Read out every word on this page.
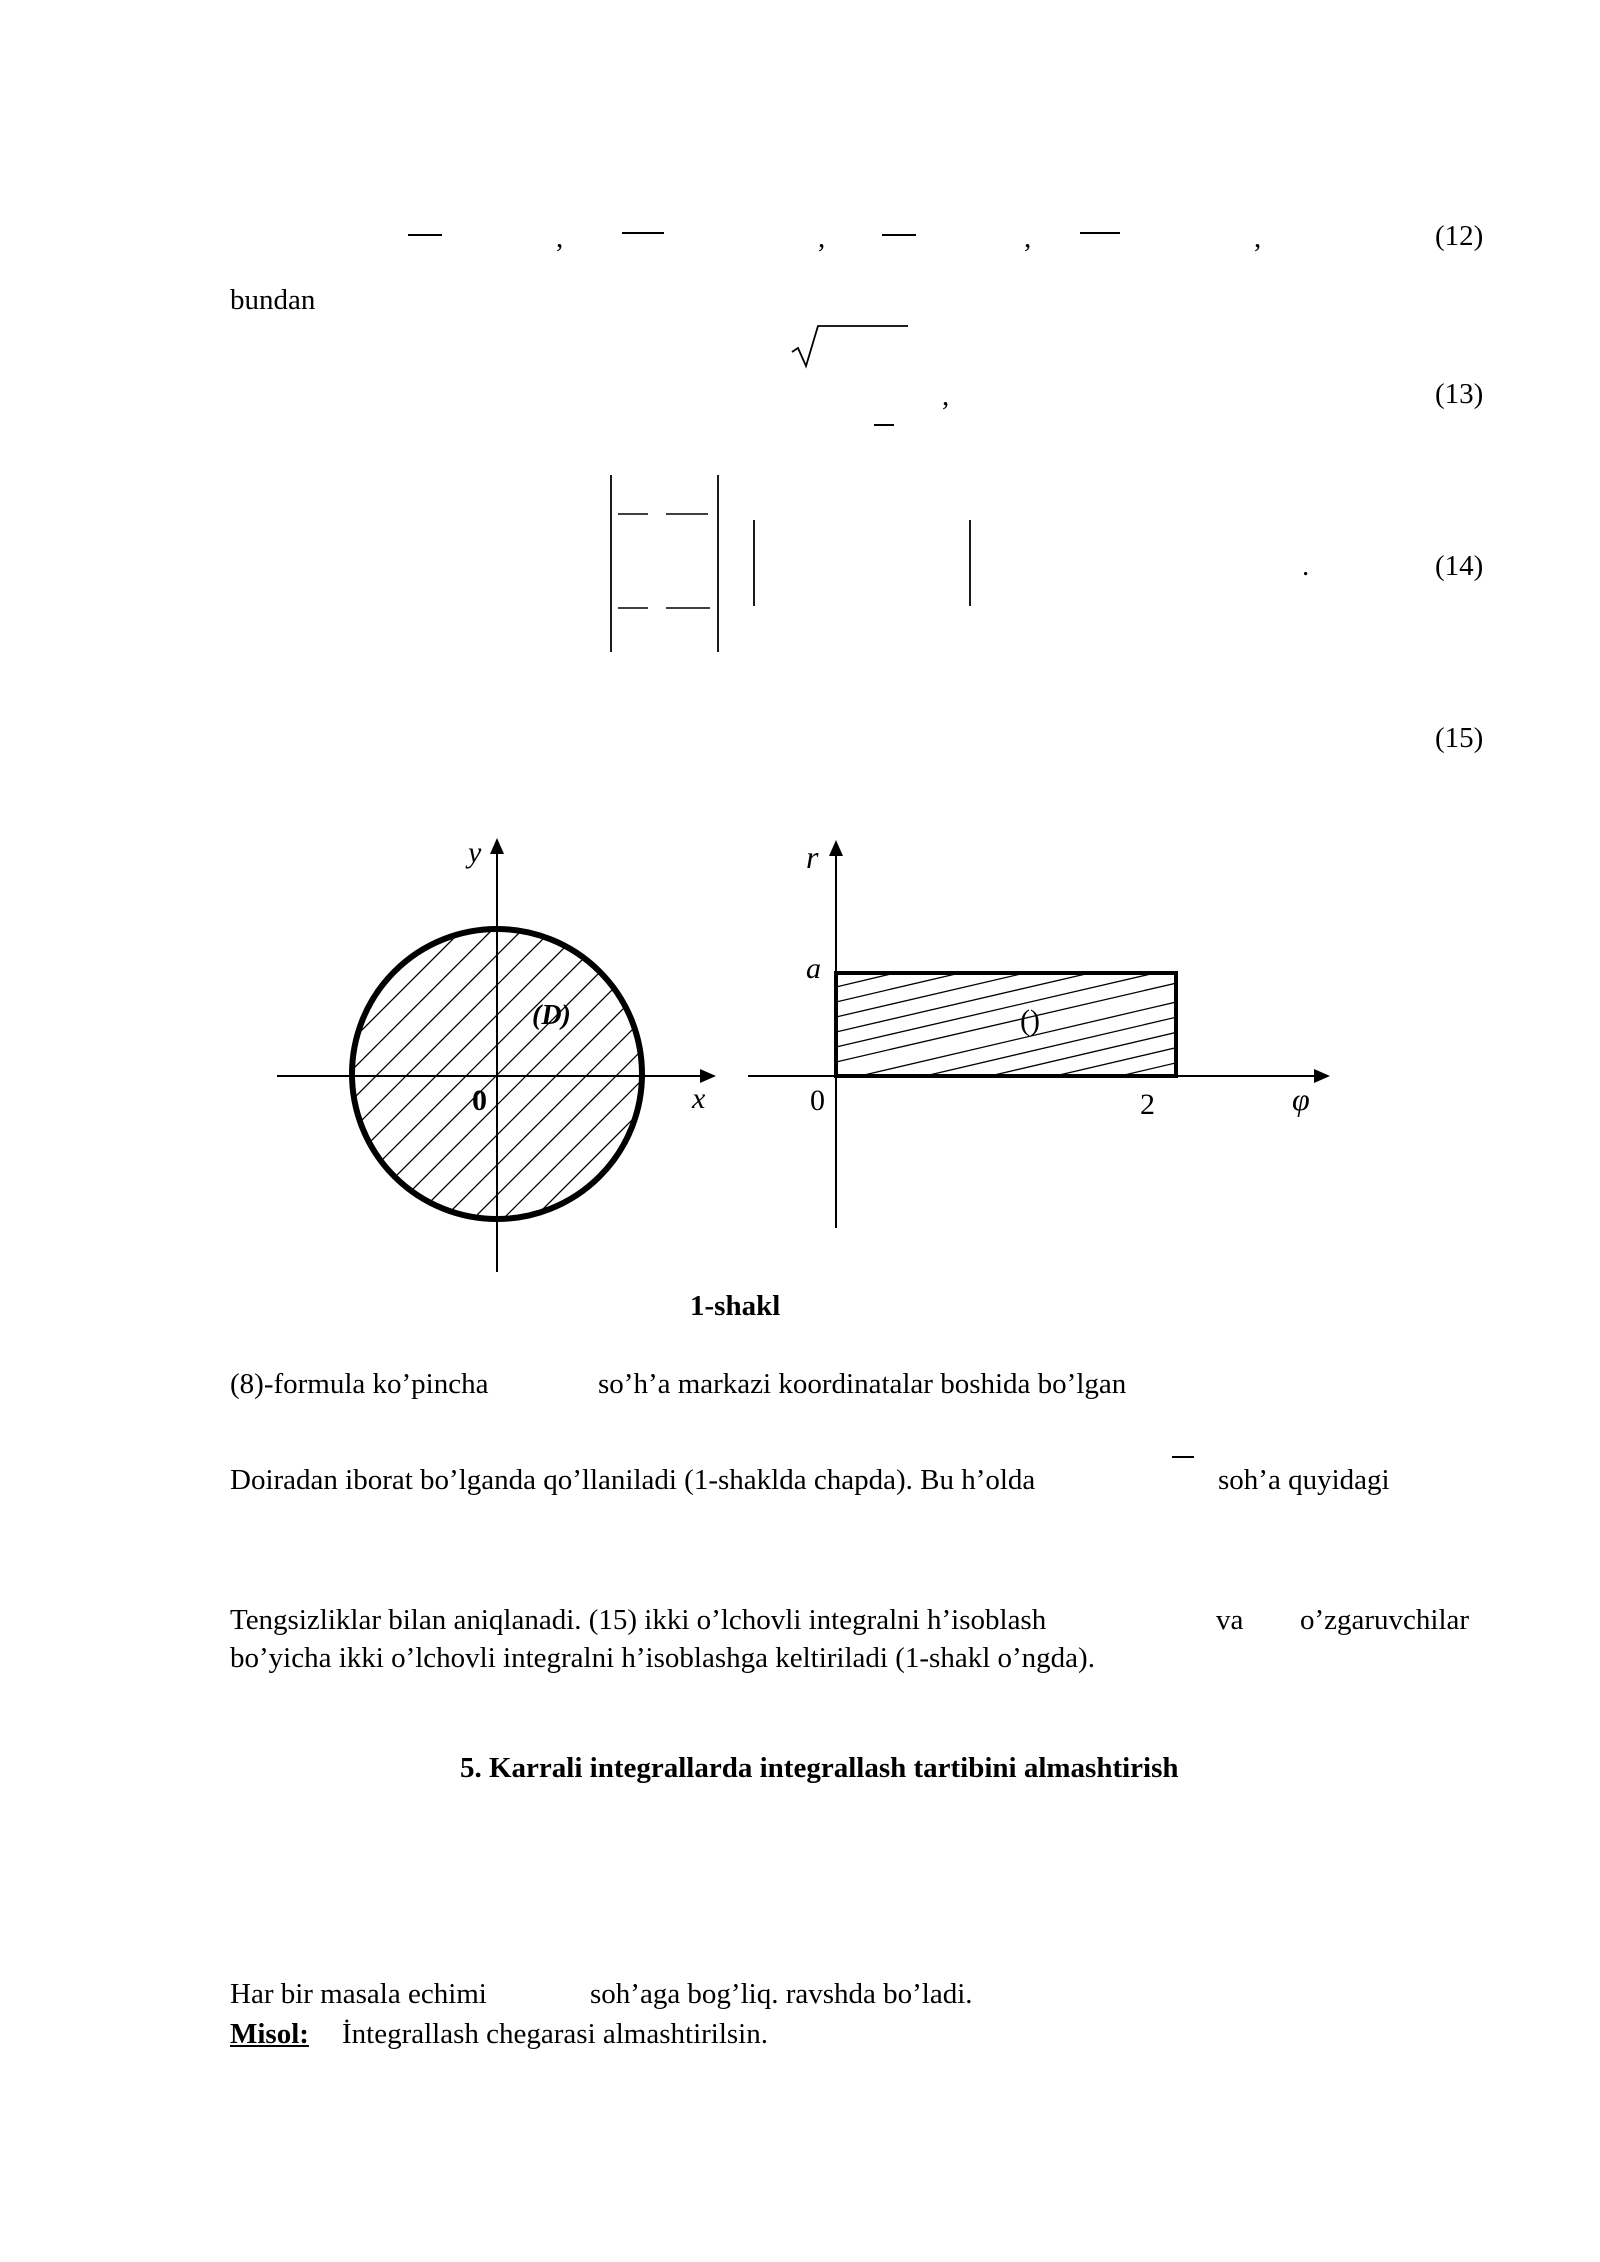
,	,	,	,	(12)
bundan
,	(13)
.	(14)
(15)
y
x
0
(D)
r
a
0	2	φ
()
1-shakl
(8)-formula ko’pincha	so’h’a markazi koordinatalar boshida bo’lgan
Doiradan iborat bo’lganda qo’llaniladi (1-shaklda chapda). Bu h’olda	soh’a quyidagi
Tengsizliklar bilan aniqlanadi. (15) ikki o’lchovli integralni h’isoblash	va o’zgaruvchilar
bo’yicha ikki o’lchovli integralni h’isoblashga keltiriladi (1-shakl o’ngda).
5. Karrali integrallarda integrallash tartibini almashtirish
Har bir masala echimi	soh’aga bog’liq. ravshda bo’ladi.
Misol: İntegrallash chegarasi almashtirilsin.
